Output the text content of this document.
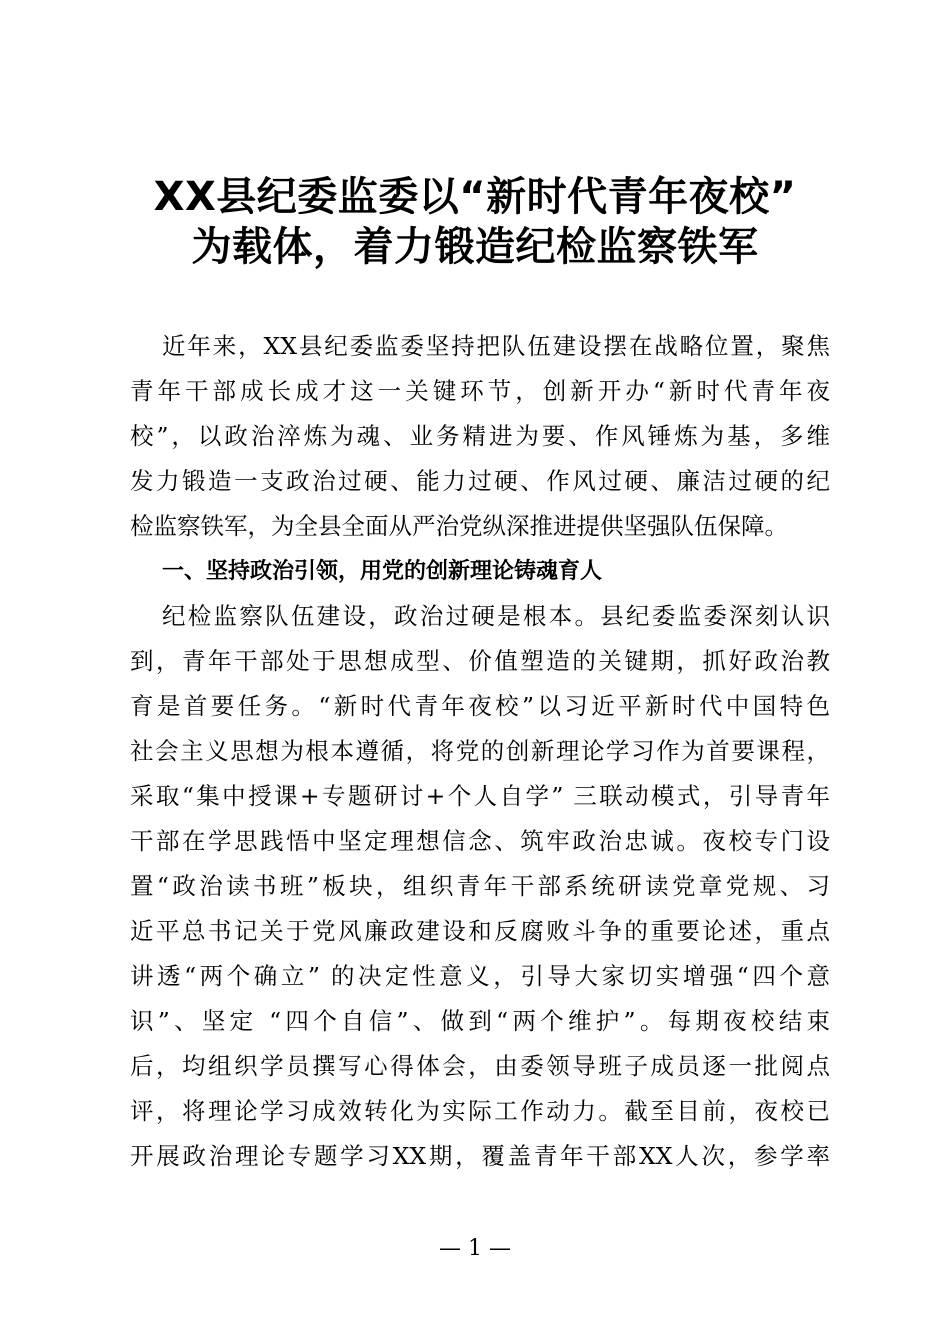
XX县纪委监委以“新时代青年夜校”
为载体，着力锻造纪检监察铁军
近年来，XX县纪委监委坚持把队伍建设摆在战略位置，聚焦
青年干部成长成才这一关键环节，创新开办“新时代青年夜
校”，以政治淬炼为魂、业务精进为要、作风锤炼为基，多维
发力锻造一支政治过硬、能力过硬、作风过硬、廉洁过硬的纪
检监察铁军，为全县全面从严治党纵深推进提供坚强队伍保障。
一、坚持政治引领，用党的创新理论铸魂育人
纪检监察队伍建设，政治过硬是根本。县纪委监委深刻认识
到，青年干部处于思想成型、价值塑造的关键期，抓好政治教
育是首要任务。“新时代青年夜校”以习近平新时代中国特色
社会主义思想为根本遵循，将党的创新理论学习作为首要课程，
采取“集中授课+专题研讨+个人自学” 三联动模式，引导青年
干部在学思践悟中坚定理想信念、筑牢政治忠诚。夜校专门设
置“政治读书班”板块，组织青年干部系统研读党章党规、习
近平总书记关于党风廉政建设和反腐败斗争的重要论述，重点
讲透“两个确立” 的决定性意义，引导大家切实增强“四个意
识”、坚定 “四个自信”、做到“两个维护”。每期夜校结束
后，均组织学员撰写心得体会，由委领导班子成员逐一批阅点
评，将理论学习成效转化为实际工作动力。截至目前，夜校已
开展政治理论专题学习XX期，覆盖青年干部XX人次，参学率
— 1 —
